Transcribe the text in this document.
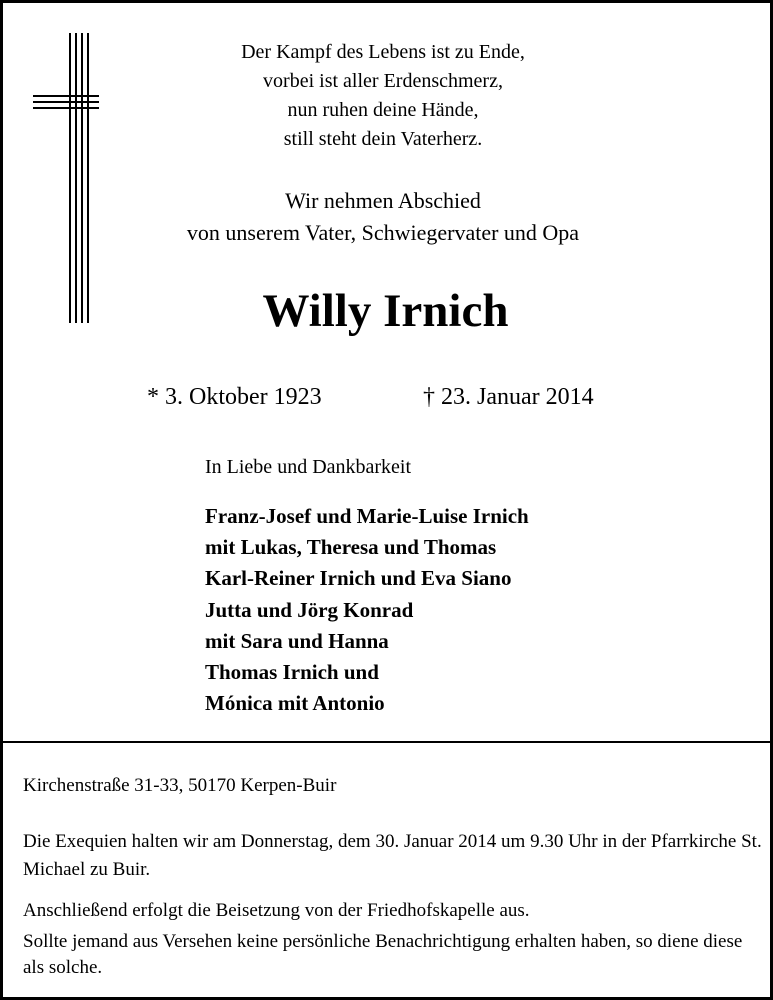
Der Kampf des Lebens ist zu Ende,
vorbei ist aller Erdenschmerz,
nun ruhen deine Hände,
still steht dein Vaterherz.
Wir nehmen Abschied
von unserem Vater, Schwiegervater und Opa
Willy Irnich
* 3. Oktober 1923	† 23. Januar 2014
In Liebe und Dankbarkeit
Franz-Josef und Marie-Luise Irnich
mit Lukas, Theresa und Thomas
Karl-Reiner Irnich und Eva Siano
Jutta und Jörg Konrad
mit Sara und Hanna
Thomas Irnich und
Mónica mit Antonio
Kirchenstraße 31-33, 50170 Kerpen-Buir
Die Exequien halten wir am Donnerstag, dem 30. Januar 2014 um 9.30 Uhr in der Pfarrkirche St. Michael zu Buir.
Anschließend erfolgt die Beisetzung von der Friedhofskapelle aus.
Sollte jemand aus Versehen keine persönliche Benachrichtigung erhalten haben, so diene diese als solche.
